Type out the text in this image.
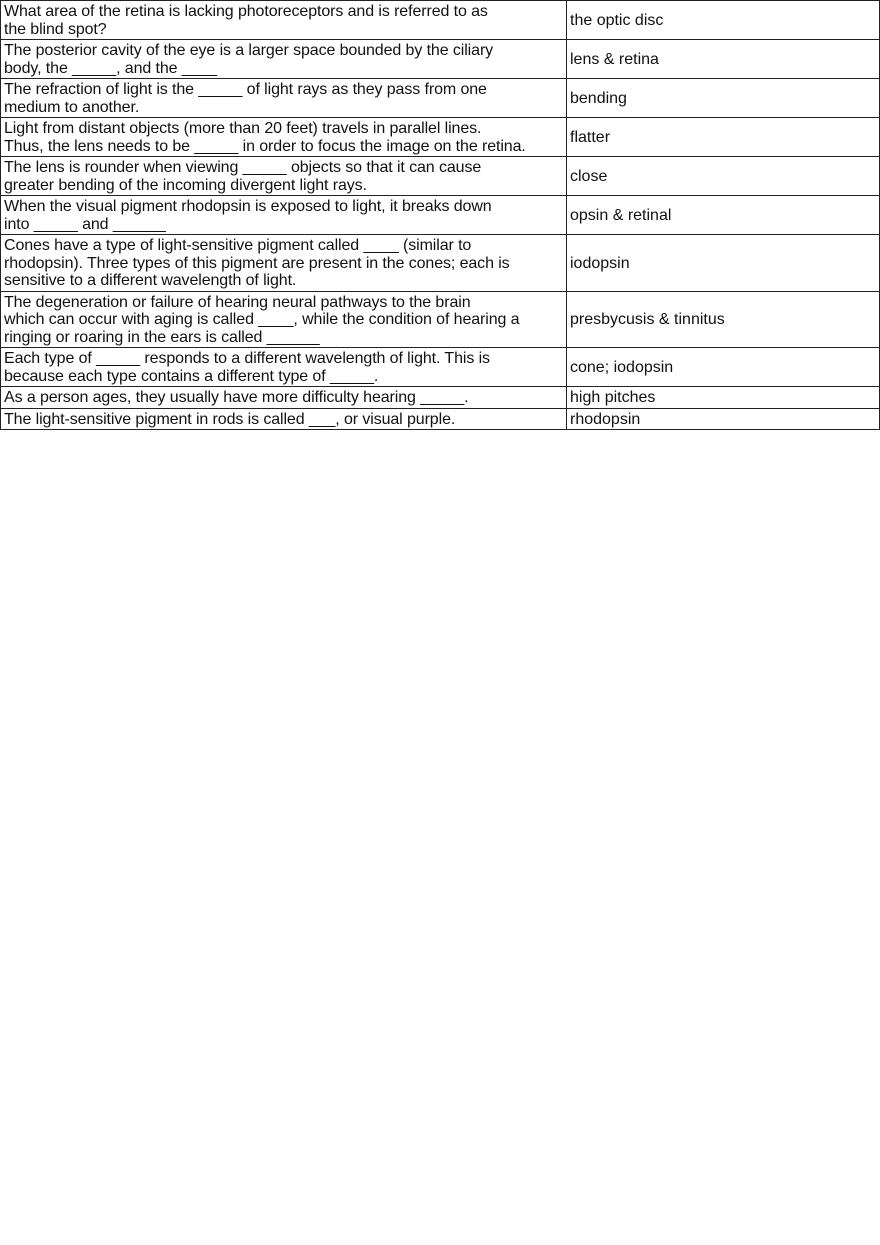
What area of the retina is lacking photoreceptors and is referred to as
the blind spot?	the optic disc
The posterior cavity of the eye is a larger space bounded by the ciliary
body, the _____, and the ____	lens & retina
The refraction of light is the _____ of light rays as they pass from one
medium to another.	bending
Light from distant objects (more than 20 feet) travels in parallel lines.
Thus, the lens needs to be _____ in order to focus the image on the retina.	flatter
The lens is rounder when viewing _____ objects so that it can cause
greater bending of the incoming divergent light rays.	close
When the visual pigment rhodopsin is exposed to light, it breaks down
into _____ and ______	opsin & retinal
Cones have a type of light-sensitive pigment called ____ (similar to
rhodopsin). Three types of this pigment are present in the cones; each is
sensitive to a different wavelength of light.	iodopsin
The degeneration or failure of hearing neural pathways to the brain
which can occur with aging is called ____, while the condition of hearing a
ringing or roaring in the ears is called ______	presbycusis & tinnitus
Each type of _____ responds to a different wavelength of light. This is
because each type contains a different type of _____.	cone; iodopsin
As a person ages, they usually have more difficulty hearing _____.	high pitches
The light-sensitive pigment in rods is called ___, or visual purple.	rhodopsin
